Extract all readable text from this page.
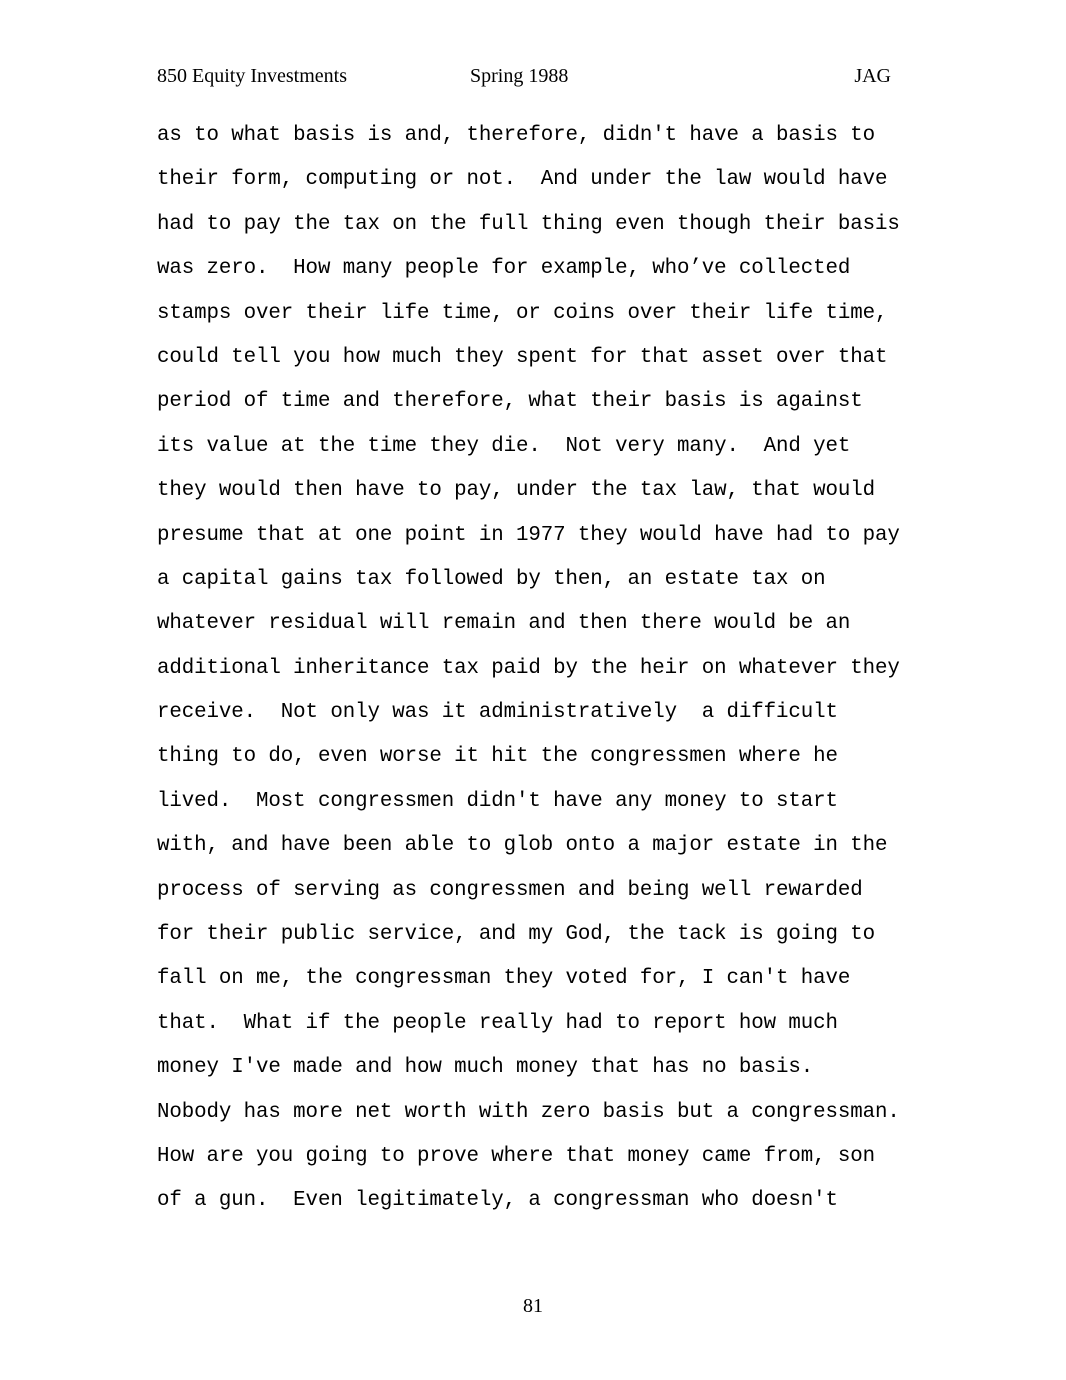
850 Equity Investments	Spring 1988	JAG
as to what basis is and, therefore, didn't have a basis to
their form, computing or not.  And under the law would have
had to pay the tax on the full thing even though their basis
was zero.  How many people for example, who’ve collected
stamps over their life time, or coins over their life time,
could tell you how much they spent for that asset over that
period of time and therefore, what their basis is against
its value at the time they die.  Not very many.  And yet
they would then have to pay, under the tax law, that would
presume that at one point in 1977 they would have had to pay
a capital gains tax followed by then, an estate tax on
whatever residual will remain and then there would be an
additional inheritance tax paid by the heir on whatever they
receive.  Not only was it administratively  a difficult
thing to do, even worse it hit the congressmen where he
lived.  Most congressmen didn't have any money to start
with, and have been able to glob onto a major estate in the
process of serving as congressmen and being well rewarded
for their public service, and my God, the tack is going to
fall on me, the congressman they voted for, I can't have
that.  What if the people really had to report how much
money I've made and how much money that has no basis.
Nobody has more net worth with zero basis but a congressman.
How are you going to prove where that money came from, son
of a gun.  Even legitimately, a congressman who doesn't
81
